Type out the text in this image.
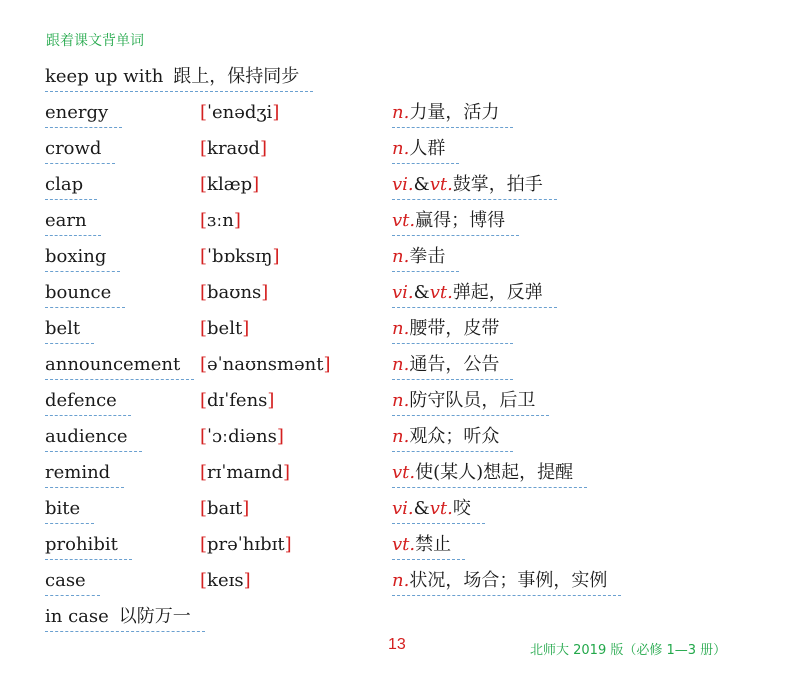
跟着课文背单词
keep up with 跟上，保持同步
energy	[ˈenədʒi]	n.力量，活力
crowd	[kraʊd]	n.人群
clap	[klæp]	vi.&vt.鼓掌，拍手
earn	[ɜːn]	vt.赢得；博得
boxing	[ˈbɒksɪŋ]	n.拳击
bounce	[baʊns]	vi.&vt.弹起，反弹
belt	[belt]	n.腰带，皮带
announcement	[əˈnaʊnsmənt]	n.通告，公告
defence	[dɪˈfens]	n.防守队员，后卫
audience	[ˈɔːdiəns]	n.观众；听众
remind	[rɪˈmaɪnd]	vt.使(某人)想起，提醒
bite	[baɪt]	vi.&vt.咬
prohibit	[prəˈhɪbɪt]	vt.禁止
case	[keɪs]	n.状况，场合；事例，实例
in case 以防万一
13	北师大 2019 版（必修 1—3 册）
